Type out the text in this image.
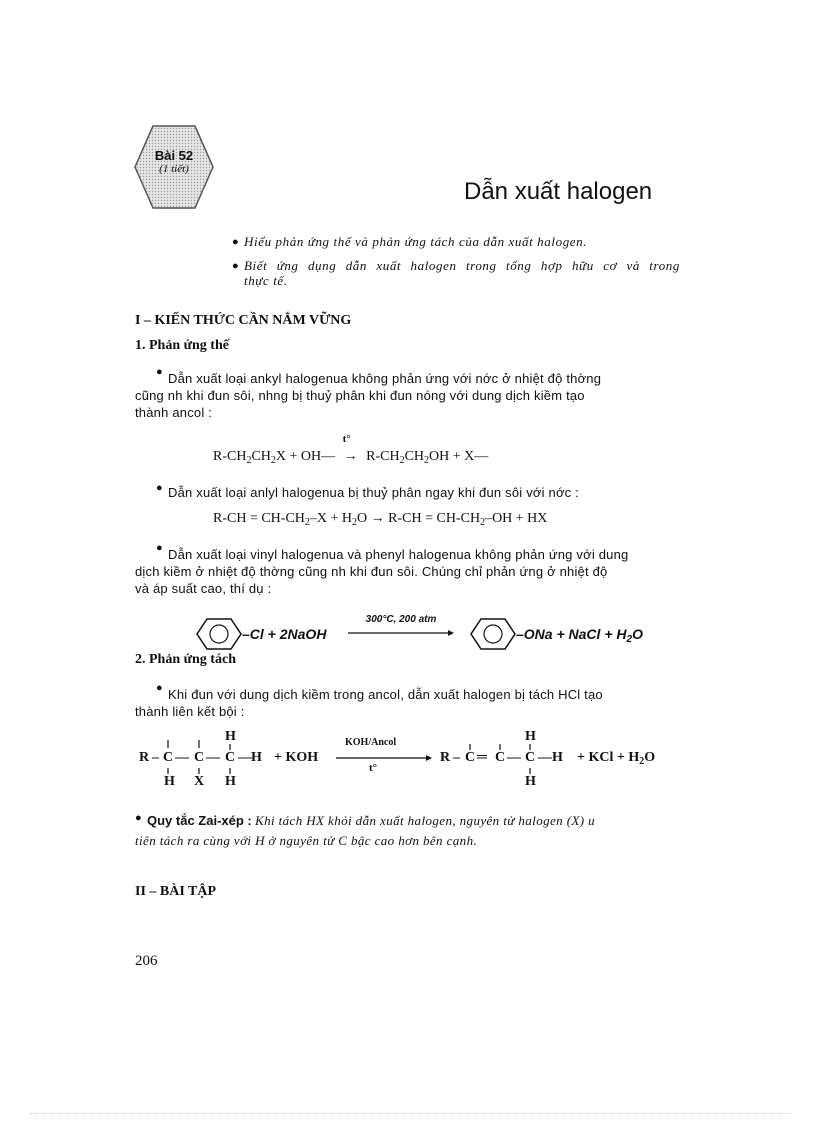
Bài 52
(1 tiết)
Dẫn xuất halogen
● Hiểu phản ứng thế và phản ứng tách của dẫn xuất halogen.
● Biết ứng dụng dẫn xuất halogen trong tổng hợp hữu cơ và trong
thực tế.
I – KIẾN THỨC CẦN NẮM VỮNG
1. Phản ứng thế
● Dẫn xuất loại ankyl halogenua không phản ứng với nớc ở nhiệt độ thờng
cũng nh khi đun sôi, nhng bị thuỷ phân khi đun nóng với dung dịch kiềm tạo
thành ancol :
$R-CH_2CH_2X$ + OH—
t°
→ $R-CH_2CH_2OH$ + X—
● Dẫn xuất loại anlyl halogenua bị thuỷ phân ngay khi đun sôi với nớc :
$R-CH = CH-CH_2-X + H_2O \to R-CH = CH-CH_2-OH$ + HX
● Dẫn xuất loại vinyl halogenua và phenyl halogenua không phản ứng với dung
dịch kiềm ở nhiệt độ thờng cũng nh khi đun sôi. Chúng chỉ phản ứng ở nhiệt độ
và áp suất cao, thí dụ :
–Cl + 2NaOH
300°C, 200 atm
–ONa + NaCl + $H_2O$
2. Phản ứng tách
● Khi đun với dung dịch kiềm trong ancol, dẫn xuất halogen bị tách HCl tạo
thành liên kết bội :
R – C — C — C — H
H
H X H
+ KOH
KOH/Ancol
t°
R – C ═ C — C — H
H
H
+ KCl + $H_2O$
● Quy tắc Zai-xép : Khi tách HX khỏi dẫn xuất halogen, nguyên tử halogen (X) u
tiên tách ra cùng với H ở nguyên tử C bậc cao hơn bên cạnh.
II – BÀI TẬP
206
